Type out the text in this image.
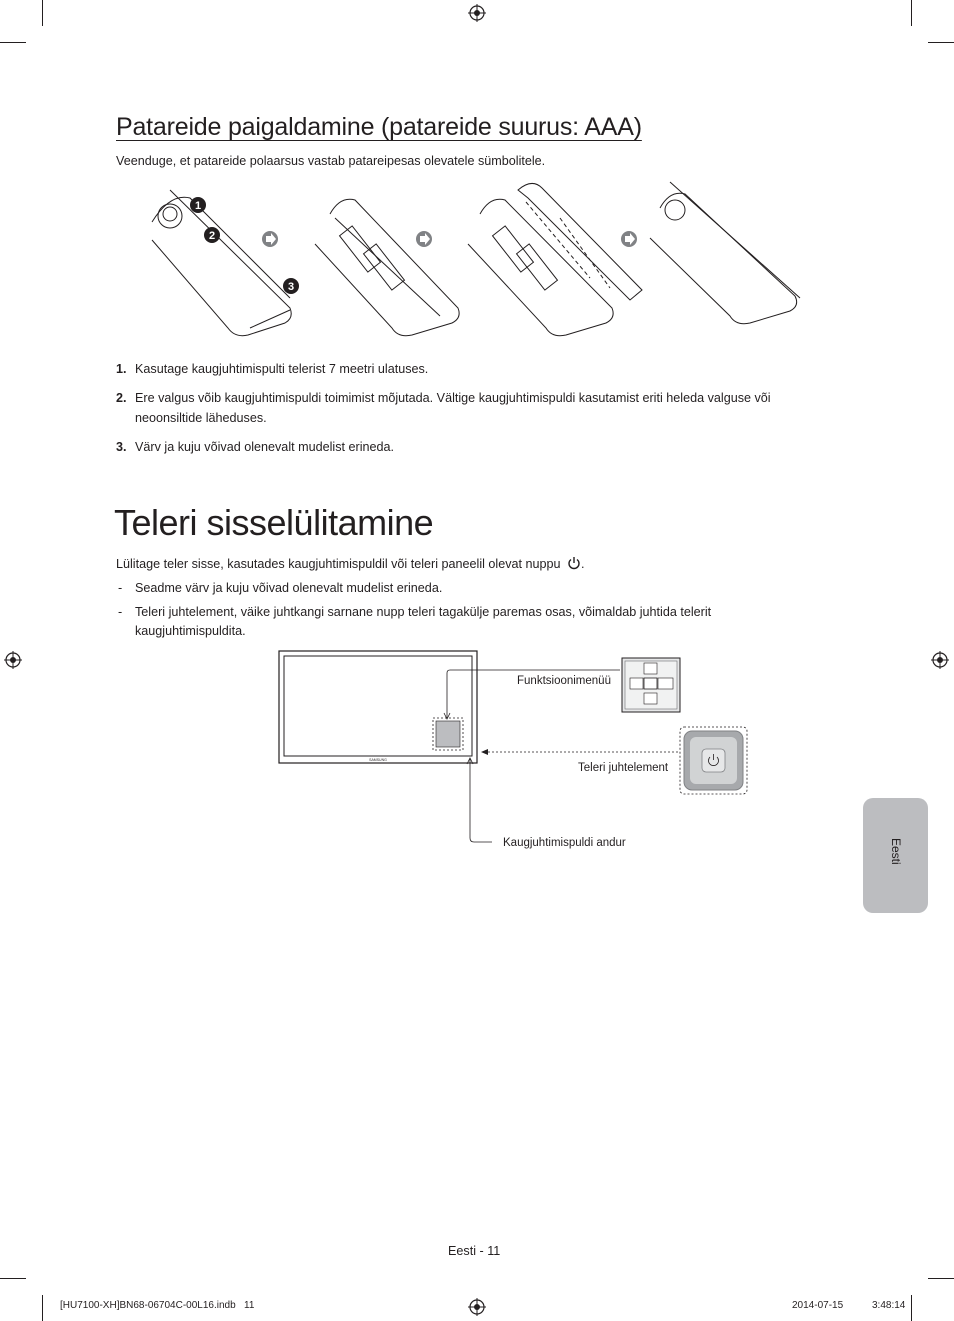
Patareide paigaldamine (patareide suurus: AAA)
Veenduge, et patareide polaarsus vastab patareipesas olevatele sümbolitele.
1
2
3
1. Kasutage kaugjuhtimispulti telerist 7 meetri ulatuses.
2. Ere valgus võib kaugjuhtimispuldi toimimist mõjutada. Vältige kaugjuhtimispuldi kasutamist eriti heleda valguse või
neoonsiltide läheduses.
3. Värv ja kuju võivad olenevalt mudelist erineda.
Teleri sisselülitamine
Lülitage teler sisse, kasutades kaugjuhtimispuldil või teleri paneelil olevat nuppu .
- Seadme värv ja kuju võivad olenevalt mudelist erineda.
- Teleri juhtelement, väike juhtkangi sarnane nupp teleri tagakülje paremas osas, võimaldab juhtida telerit
kaugjuhtimispuldita.
SAMSUNG
Funktsioonimenüü
Teleri juhtelement
Kaugjuhtimispuldi andur	Eesti
Eesti - 11
[HU7100-XH]BN68-06704C-00L16.indb   11	2014-07-15	3:48:14
